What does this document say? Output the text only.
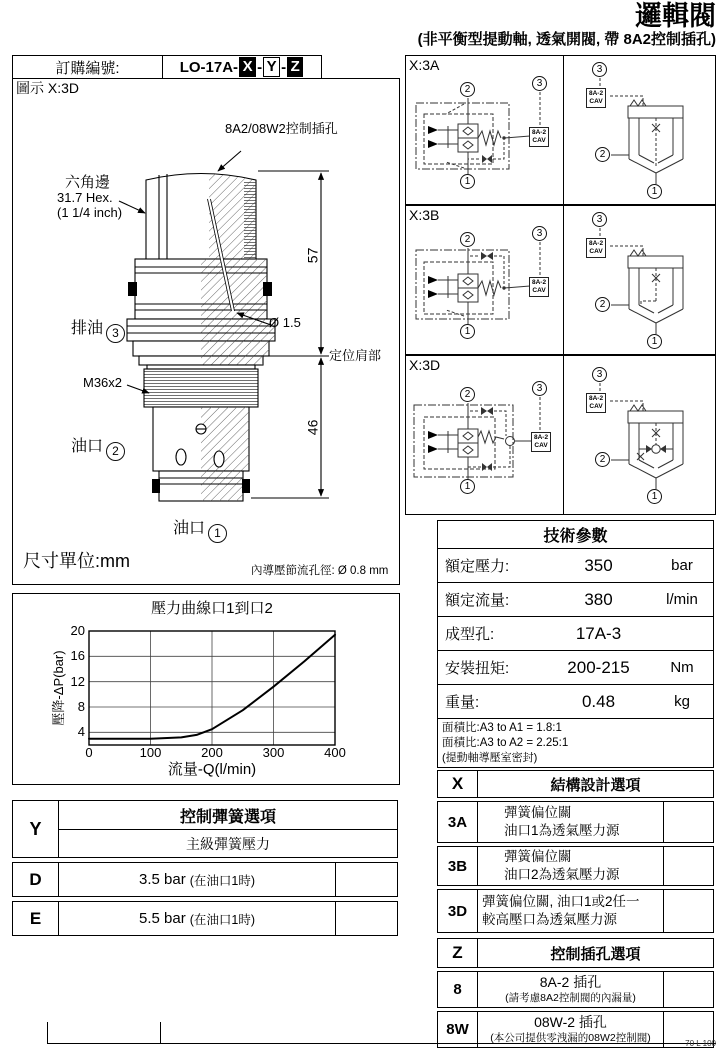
邏輯閥
(非平衡型提動軸, 透氣開閥, 帶 8A2控制插孔)
訂購編號:	LO-17A- X - Y - Z
圖示 X:3D
8A2/08W2控制插孔
六角邊
31.7 Hex.
(1 1/4 inch)
排油 3
M36x2
油口 2
油口 1
57
46
Ø 1.5
定位肩部
尺寸單位:mm	內導壓節流孔徑: Ø 0.8 mm
X:3A
2
1
3
8A-2
CAV
3
8A-2
CAV
2
1
X:3B
2
1
3
8A-2
CAV
3
8A-2
CAV
2
1
X:3D
2
1
3
8A-2
CAV
3
8A-2
CAV
2
1
技術參數
額定壓力:	350	bar
額定流量:	380	l/min
成型孔:	17A-3
安裝扭矩:	200-215	Nm
重量:	0.48	kg
面積比:A3 to A1 = 1.8:1
面積比:A3 to A2 = 2.25:1
(提動軸導壓室密封)
壓力曲線口1到口2
流量-Q(l/min)
壓降-ΔP(bar)
0	100	200	300	400
4
8
12
16
20
Y
控制彈簧選項
主級彈簧壓力
D	3.5 bar (在油口1時)
E	5.5 bar (在油口1時)
X	結構設計選項
3A
彈簧偏位關
油口1為透氣壓力源
3B
彈簧偏位關
油口2為透氣壓力源
3D
彈簧偏位關, 油口1或2任一
較高壓口為透氣壓力源
Z	控制插孔選項
8	8A-2 插孔
(請考慮8A2控制閥的內漏量)
8W	08W-2 插孔
(本公司提供零洩漏的08W2控制閥)	70 L 100
